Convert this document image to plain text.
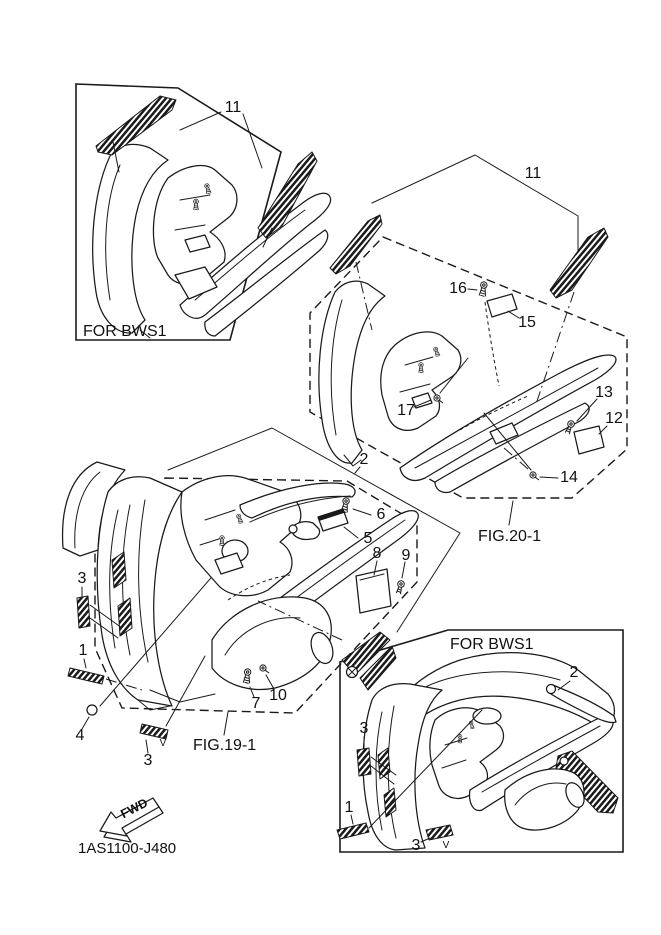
11
FOR BWS1
11
16
15
17
13
12
14
FIG.20-1
2
3
1
V
3
FOR BWS1
2
6
5
8 9
3
1
4
7 10
V
3
FIG.19-1
FWD
1AS1100-J480
